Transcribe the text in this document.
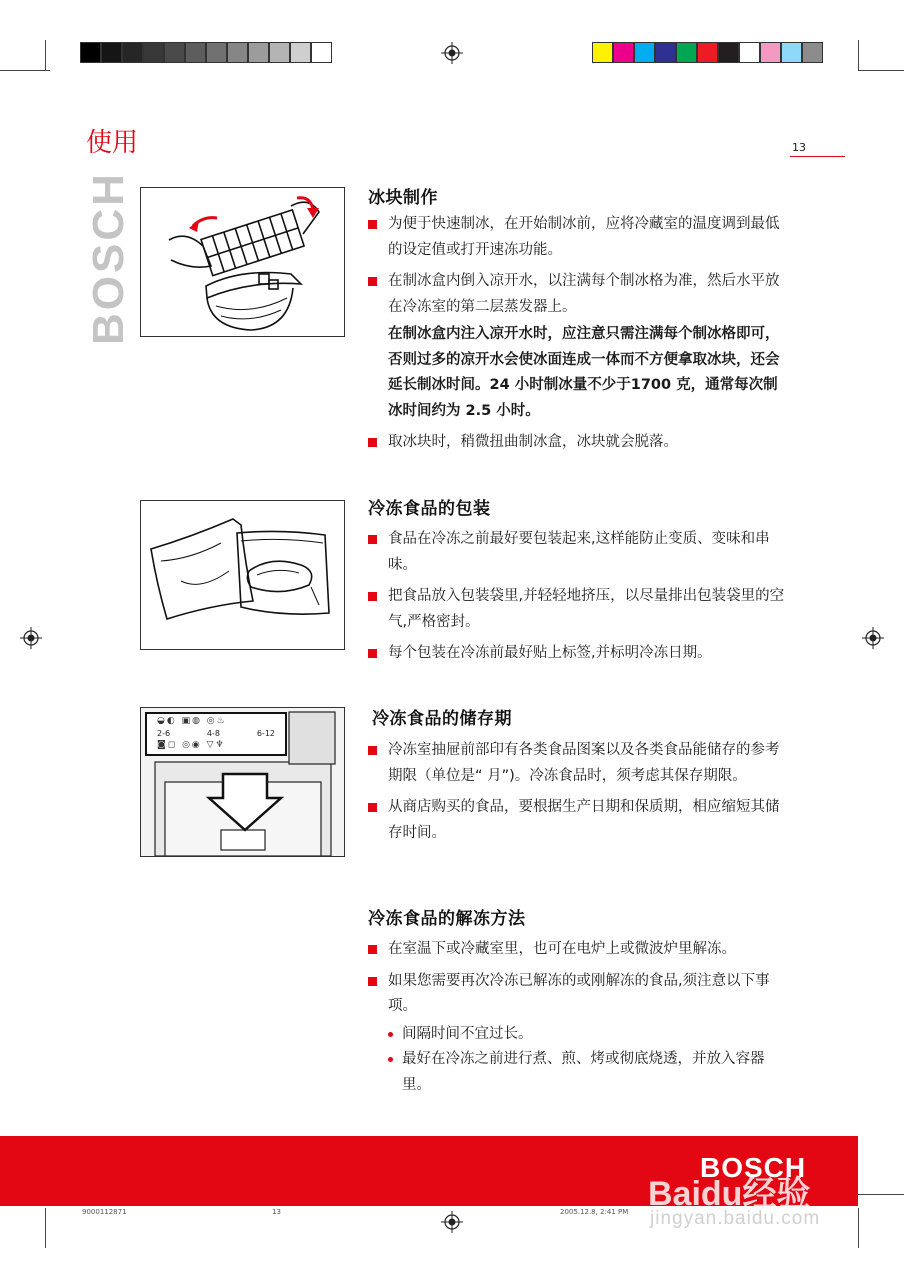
使用	13
BOSCH	冰块制作
为便于快速制冰，在开始制冰前，应将冷藏室的温度调到最低的设定值或打开速冻功能。
在制冰盒内倒入凉开水，以注满每个制冰格为准，然后水平放在冷冻室的第二层蒸发器上。
在制冰盒内注入凉开水时，应注意只需注满每个制冰格即可，否则过多的凉开水会使冰面连成一体而不方便拿取冰块，还会延长制冰时间。24 小时制冰量不少于1700 克，通常每次制冰时间约为 2.5 小时。
取冰块时，稍微扭曲制冰盒，冰块就会脱落。
冷冻食品的包装
食品在冷冻之前最好要包装起来,这样能防止变质、变味和串味。
把食品放入包装袋里,并轻轻地挤压，以尽量排出包装袋里的空气,严格密封。
每个包装在冷冻前最好贴上标签,并标明冷冻日期。
◒◐ ▣◍ ◎♨
2-6	4-8	6-12
◙◻ ◎◉ ▽♆
冷冻食品的储存期
冷冻室抽屉前部印有各类食品图案以及各类食品能储存的参考期限（单位是“ 月”)。冷冻食品时，须考虑其保存期限。
从商店购买的食品，要根据生产日期和保质期，相应缩短其储存时间。
冷冻食品的解冻方法
在室温下或冷藏室里，也可在电炉上或微波炉里解冻。
如果您需要再次冷冻已解冻的或刚解冻的食品,须注意以下事项。
间隔时间不宜过长。
最好在冷冻之前进行煮、煎、烤或彻底烧透，并放入容器里。
BOSCH
Baidu经验
jingyan.baidu.com
9000112871	13	2005.12.8, 2:41 PM
